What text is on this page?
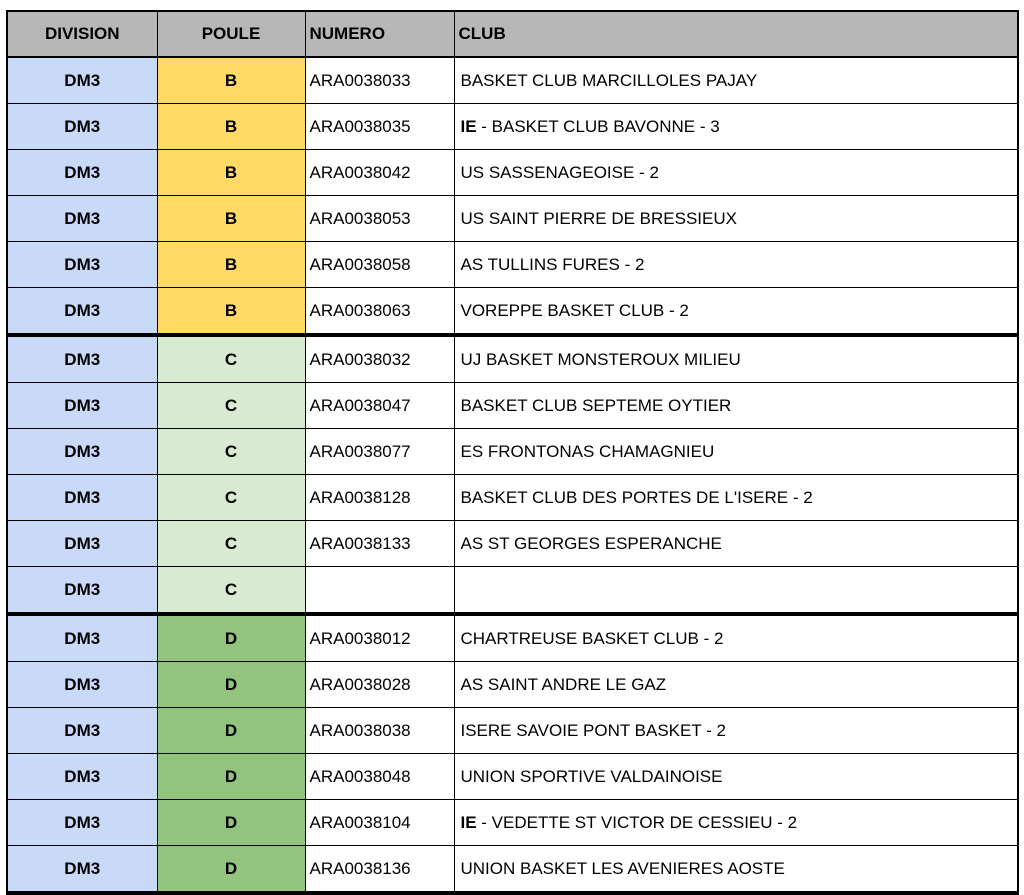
DIVISION	POULE	NUMERO	CLUB
DM3	B	ARA0038033	BASKET CLUB MARCILLOLES PAJAY
DM3	B	ARA0038035	IE - BASKET CLUB BAVONNE - 3
DM3	B	ARA0038042	US SASSENAGEOISE - 2
DM3	B	ARA0038053	US SAINT PIERRE DE BRESSIEUX
DM3	B	ARA0038058	AS TULLINS FURES - 2
DM3	B	ARA0038063	VOREPPE BASKET CLUB - 2
DM3	C	ARA0038032	UJ BASKET MONSTEROUX MILIEU
DM3	C	ARA0038047	BASKET CLUB SEPTEME OYTIER
DM3	C	ARA0038077	ES FRONTONAS CHAMAGNIEU
DM3	C	ARA0038128	BASKET CLUB DES PORTES DE L'ISERE - 2
DM3	C	ARA0038133	AS ST GEORGES ESPERANCHE
DM3	C		
DM3	D	ARA0038012	CHARTREUSE BASKET CLUB - 2
DM3	D	ARA0038028	AS SAINT ANDRE LE GAZ
DM3	D	ARA0038038	ISERE SAVOIE PONT BASKET - 2
DM3	D	ARA0038048	UNION SPORTIVE VALDAINOISE
DM3	D	ARA0038104	IE - VEDETTE ST VICTOR DE CESSIEU - 2
DM3	D	ARA0038136	UNION BASKET LES AVENIERES AOSTE
